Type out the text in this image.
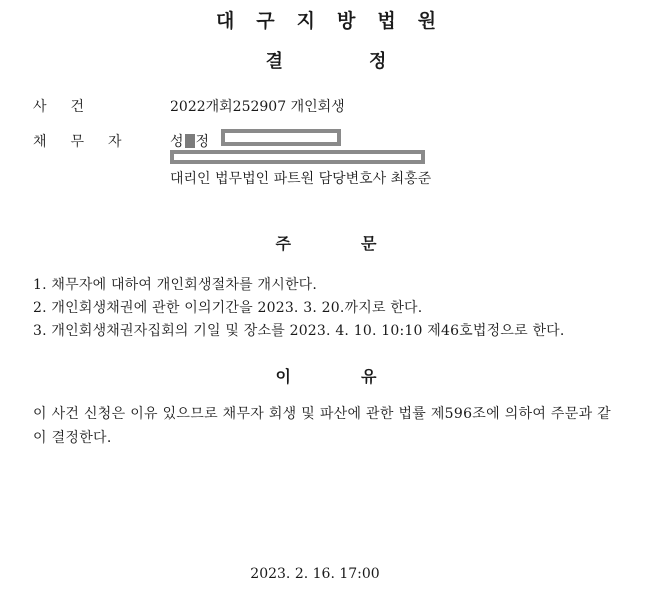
대구지방법원
결정
사건	2022개회252907 개인회생
채무자 성 정
대리인 법무법인 파트원 담당변호사 최홍준
주문
1. 채무자에 대하여 개인회생절차를 개시한다.
2. 개인회생채권에 관한 이의기간을 2023. 3. 20.까지로 한다.
3. 개인회생채권자집회의 기일 및 장소를 2023. 4. 10. 10:10 제46호법정으로 한다.
이유
이 사건 신청은 이유 있으므로 채무자 회생 및 파산에 관한 법률 제596조에 의하여 주문과 같이 결정한다.
2023. 2. 16. 17:00
